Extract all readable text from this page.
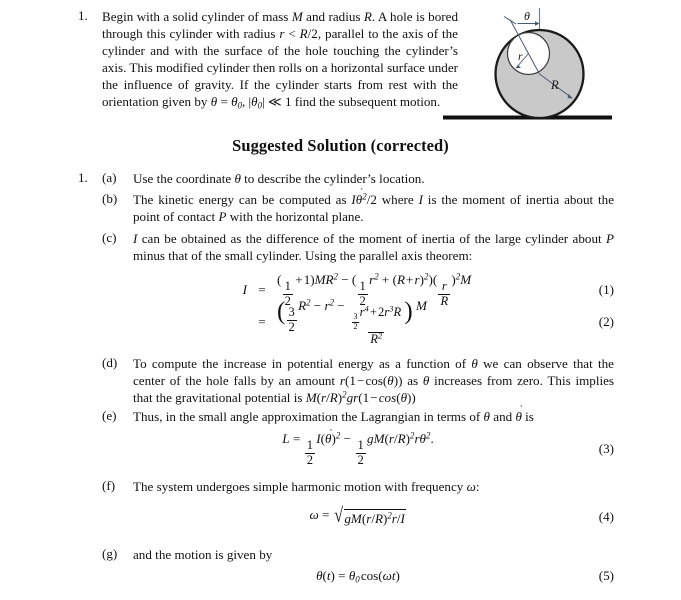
1.	Begin with a solid cylinder of mass M and radius R. A hole is bored through this cylinder with radius r < R/2, parallel to the axis of the cylinder and with the surface of the hole touching the cylinder’s axis. This modified cylinder then rolls on a horizontal surface under the influence of gravity. If the cylinder starts from rest with the orientation given by $\theta = \theta_0$, $|\theta_0|$ ≪ 1 find the subsequent motion.
θ
r
R
Suggested Solution (corrected)
1. (a)	Use the coordinate θ to describe the cylinder’s location.
(b)	The kinetic energy can be computed as Iθ
$^2$/2 where I is the moment of inertia about the point of contact P with the horizontal plane.
(c)	I can be obtained as the difference of the moment of inertia of the large cylinder about P minus that of the small cylinder. Using the parallel axis theorem:
I =
(
$\frac{1}{2}$
 + $1)MR^2$ − (
$\frac{1}{2}$
$r^2 + (R$ + r)$^2$)(
$\frac{r}{R}$
)$^2$M
(1)
= ( $\frac{3}{2}$
$R^2 - r^2$ −
$\frac{3}{2}$
$r^4$ + $2r^3R$
$R^2$ ) M
(2)
(d)	To compute the increase in potential energy as a function of θ we can observe that the center of the hole falls by an amount r(1 − cos(θ)) as θ increases from zero. This implies that the gravitational potential is $M(r/R)^2gr(1$ − cos(θ))
(e)	Thus, in the small angle approximation the Lagrangian in terms of θ and θ
is
L =
$\frac{1}{2}$
I(θ
)$^2$ −
$\frac{1}{2}$
$gM(r/R)^2r\theta^2$.
(3)
(f)	The system undergoes simple harmonic motion with frequency ω:
ω = √ $gM(r/R)^2r/I$	(4)
(g)	and the motion is given by
$\theta(t) = \theta_0$ cos(ωt)	(5)
